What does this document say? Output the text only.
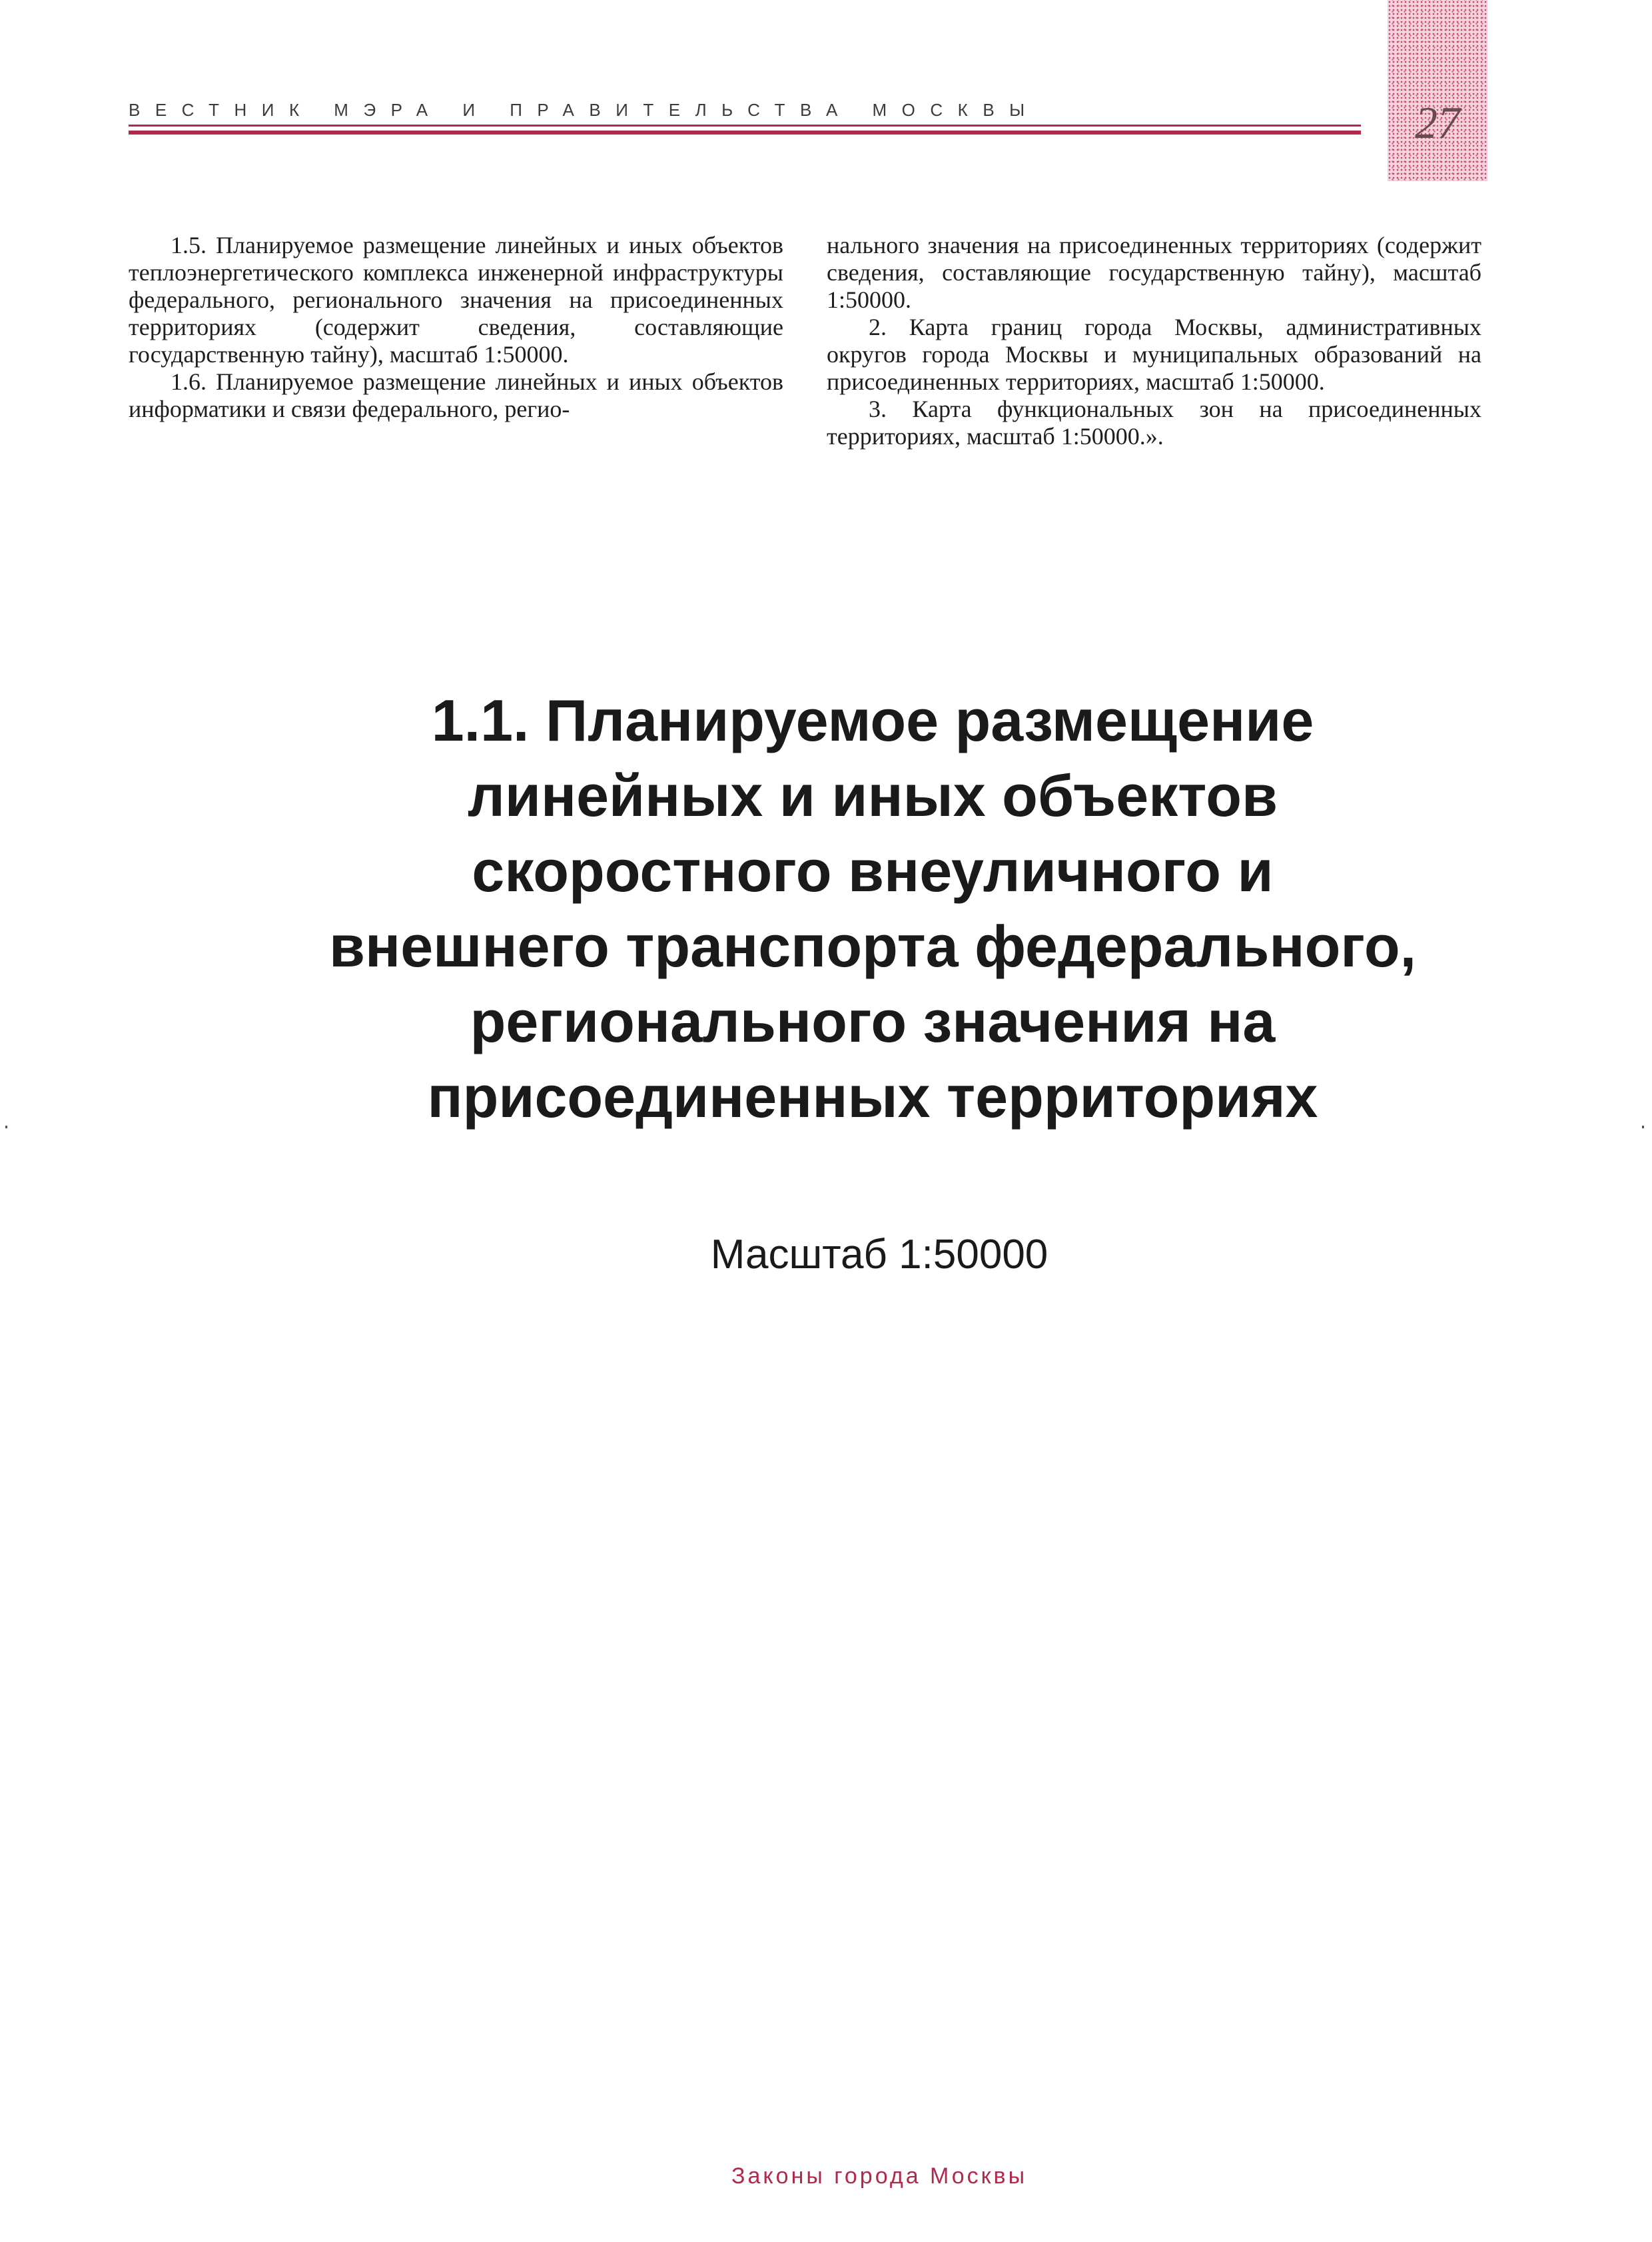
ВЕСТНИК МЭРА И ПРАВИТЕЛЬСТВА МОСКВЫ	27

1.5. Планируемое размещение линейных и иных объектов теплоэнергетического комплекса инженерной инфраструктуры федерального, регионального значения на присоединенных территориях (содержит сведения, составляющие государственную тайну), масштаб 1:50000.

1.6. Планируемое размещение линейных и иных объектов информатики и связи федерального, регио-

нального значения на присоединенных территориях (содержит сведения, составляющие государственную тайну), масштаб 1:50000.

2. Карта границ города Москвы, административных округов города Москвы и муниципальных образований на присоединенных территориях, масштаб 1:50000.

3. Карта функциональных зон на присоединенных территориях, масштаб 1:50000.».

1.1. Планируемое размещение
линейных и иных объектов
скоростного внеуличного и
внешнего транспорта федерального,
регионального значения на
присоединенных территориях
Масштаб 1:50000
Законы города Москвы
